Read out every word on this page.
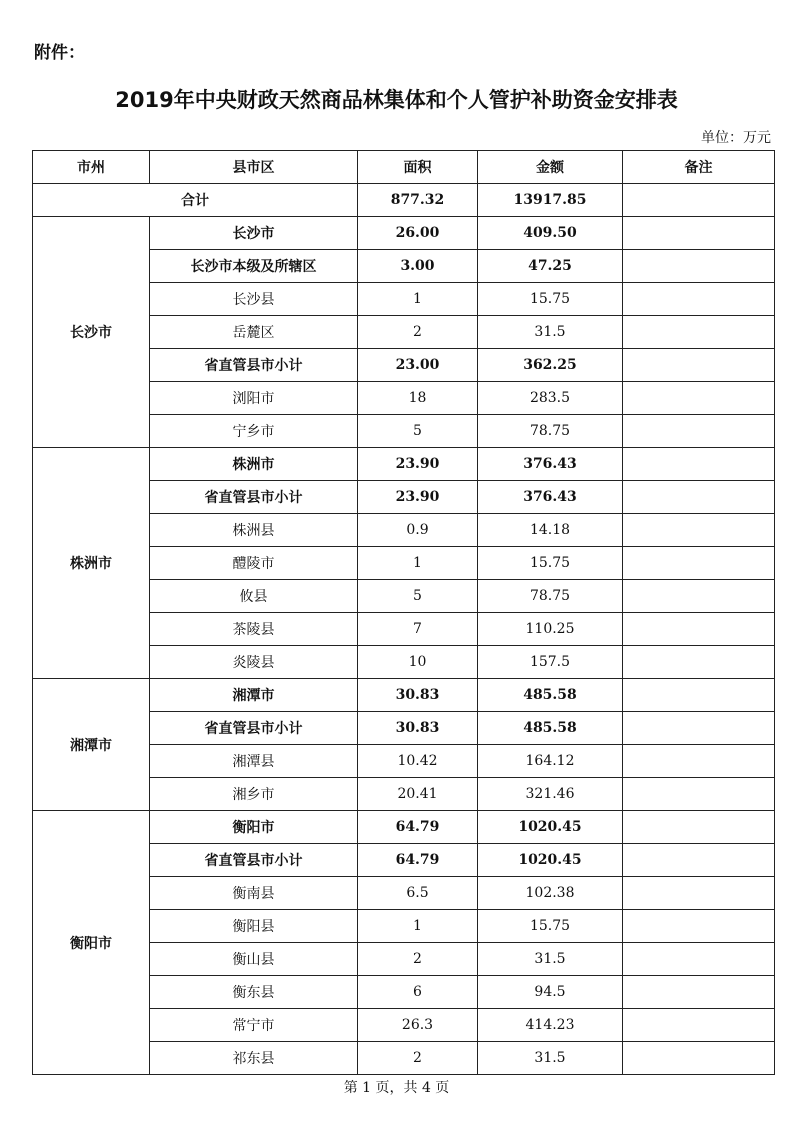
附件：
2019年中央财政天然商品林集体和个人管护补助资金安排表
单位：万元
市州	县市区	面积	金额	备注
合计		877.32	13917.85	
长沙市	长沙市	26.00	409.50	
	长沙市本级及所辖区	3.00	47.25	
	长沙县	1	15.75	
	岳麓区	2	31.5	
	省直管县市小计	23.00	362.25	
	浏阳市	18	283.5	
	宁乡市	5	78.75	
株洲市	株洲市	23.90	376.43	
	省直管县市小计	23.90	376.43	
	株洲县	0.9	14.18	
	醴陵市	1	15.75	
	攸县	5	78.75	
	茶陵县	7	110.25	
	炎陵县	10	157.5	
湘潭市	湘潭市	30.83	485.58	
	省直管县市小计	30.83	485.58	
	湘潭县	10.42	164.12	
	湘乡市	20.41	321.46	
衡阳市	衡阳市	64.79	1020.45	
	省直管县市小计	64.79	1020.45	
	衡南县	6.5	102.38	
	衡阳县	1	15.75	
	衡山县	2	31.5	
	衡东县	6	94.5	
	常宁市	26.3	414.23	
	祁东县	2	31.5	
第 1 页，共 4 页
